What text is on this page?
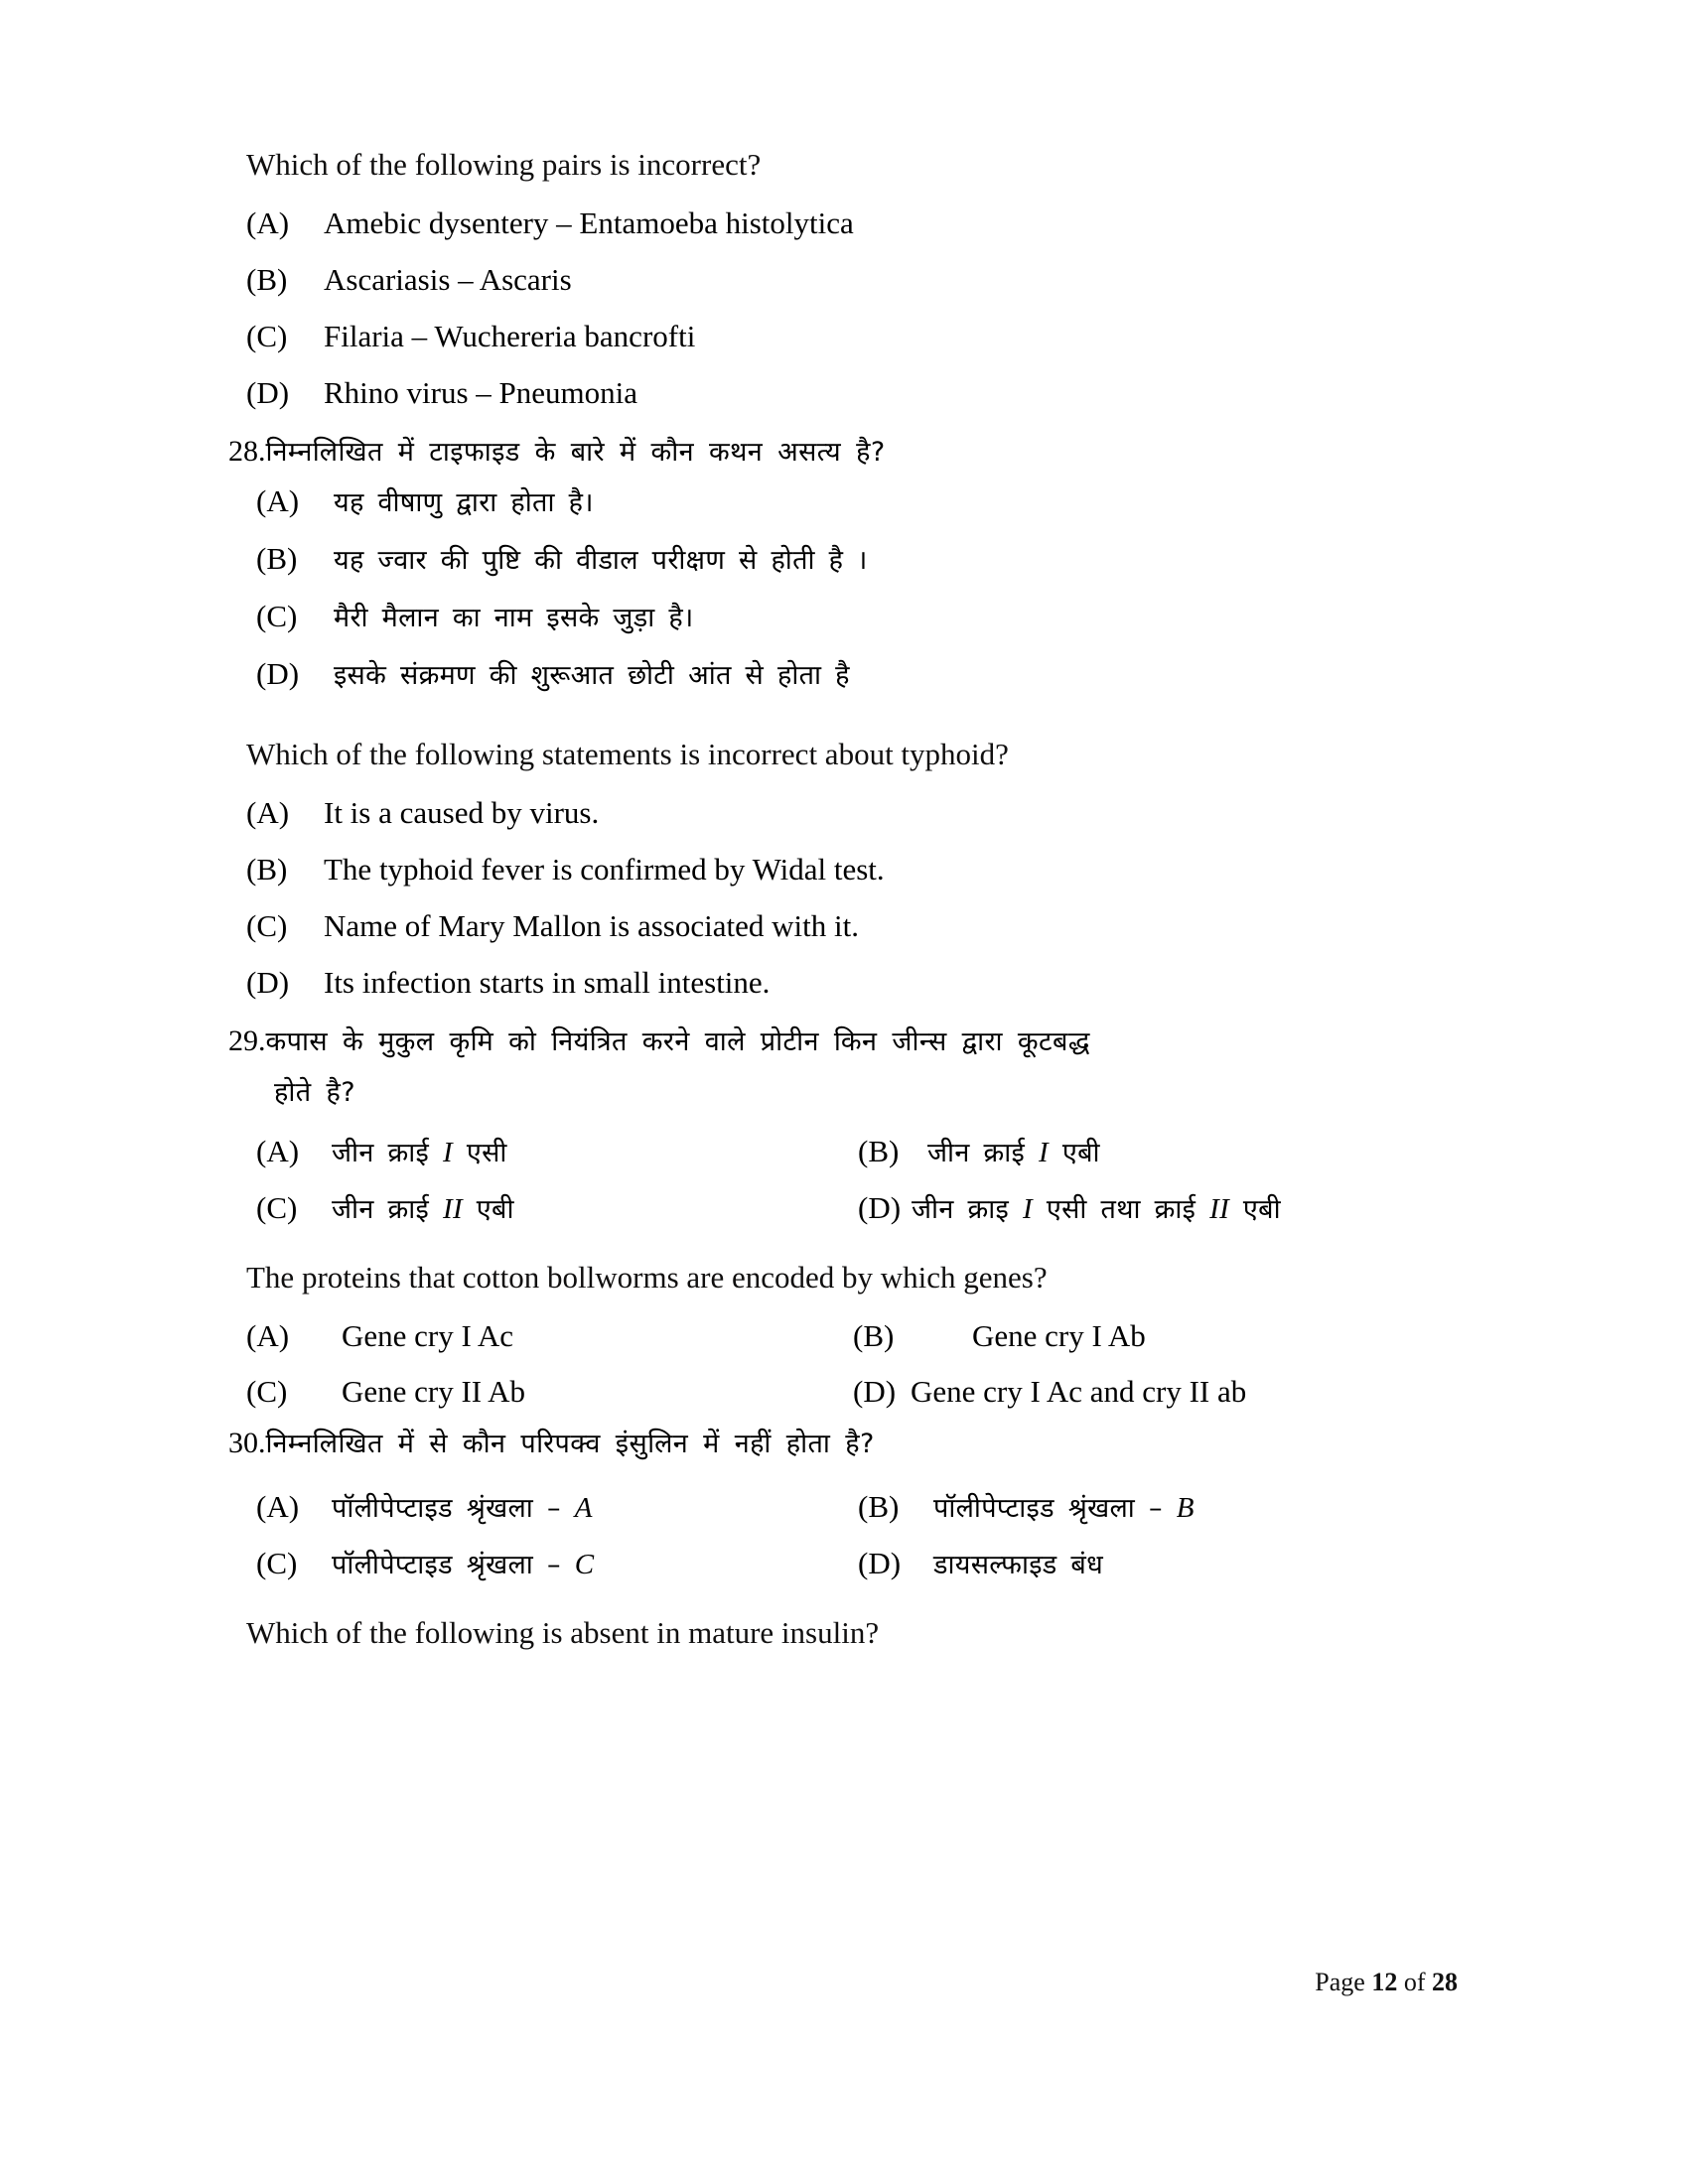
Which of the following pairs is incorrect?
(A)	Amebic dysentery – Entamoeba histolytica
(B)	Ascariasis – Ascaris
(C)	Filaria – Wuchereria bancrofti
(D)	Rhino virus – Pneumonia
28. निम्नलिखित में टाइफाइड के बारे में कौन कथन असत्य है?
(A)	यह वीषाणु द्वारा होता है।
(B)	यह ज्वार की पुष्टि की वीडाल परीक्षण से होती है ।
(C)	मैरी मैलान का नाम इसके जुड़ा है।
(D)	इसके संक्रमण की शुरूआत छोटी आंत से होता है
Which of the following statements is incorrect about typhoid?
(A)	It is a caused by virus.
(B)	The typhoid fever is confirmed by Widal test.
(C)	Name of Mary Mallon is associated with it.
(D)	Its infection starts in small intestine.
29. कपास के मुकुल कृमि को नियंत्रित करने वाले प्रोटीन किन जीन्स द्वारा कूटबद्ध
होते है?
(A)	जीन क्राई I एसी	(B)	जीन क्राई I एबी
(C)	जीन क्राई II एबी	(D) जीन क्राइ I एसी तथा क्राई II एबी
The proteins that cotton bollworms are encoded by which genes?
(A)	Gene cry I Ac	(B)	Gene cry I Ab
(C)	Gene cry II Ab	(D) Gene cry I Ac and cry II ab
30. निम्नलिखित में से कौन परिपक्व इंसुलिन में नहीं होता है?
(A)	पॉलीपेप्टाइड श्रृंखला – A	(B)	पॉलीपेप्टाइड श्रृंखला – B
(C)	पॉलीपेप्टाइड श्रृंखला – C	(D)	डायसल्फाइड बंध
Which of the following is absent in mature insulin?
Page 12 of 28
